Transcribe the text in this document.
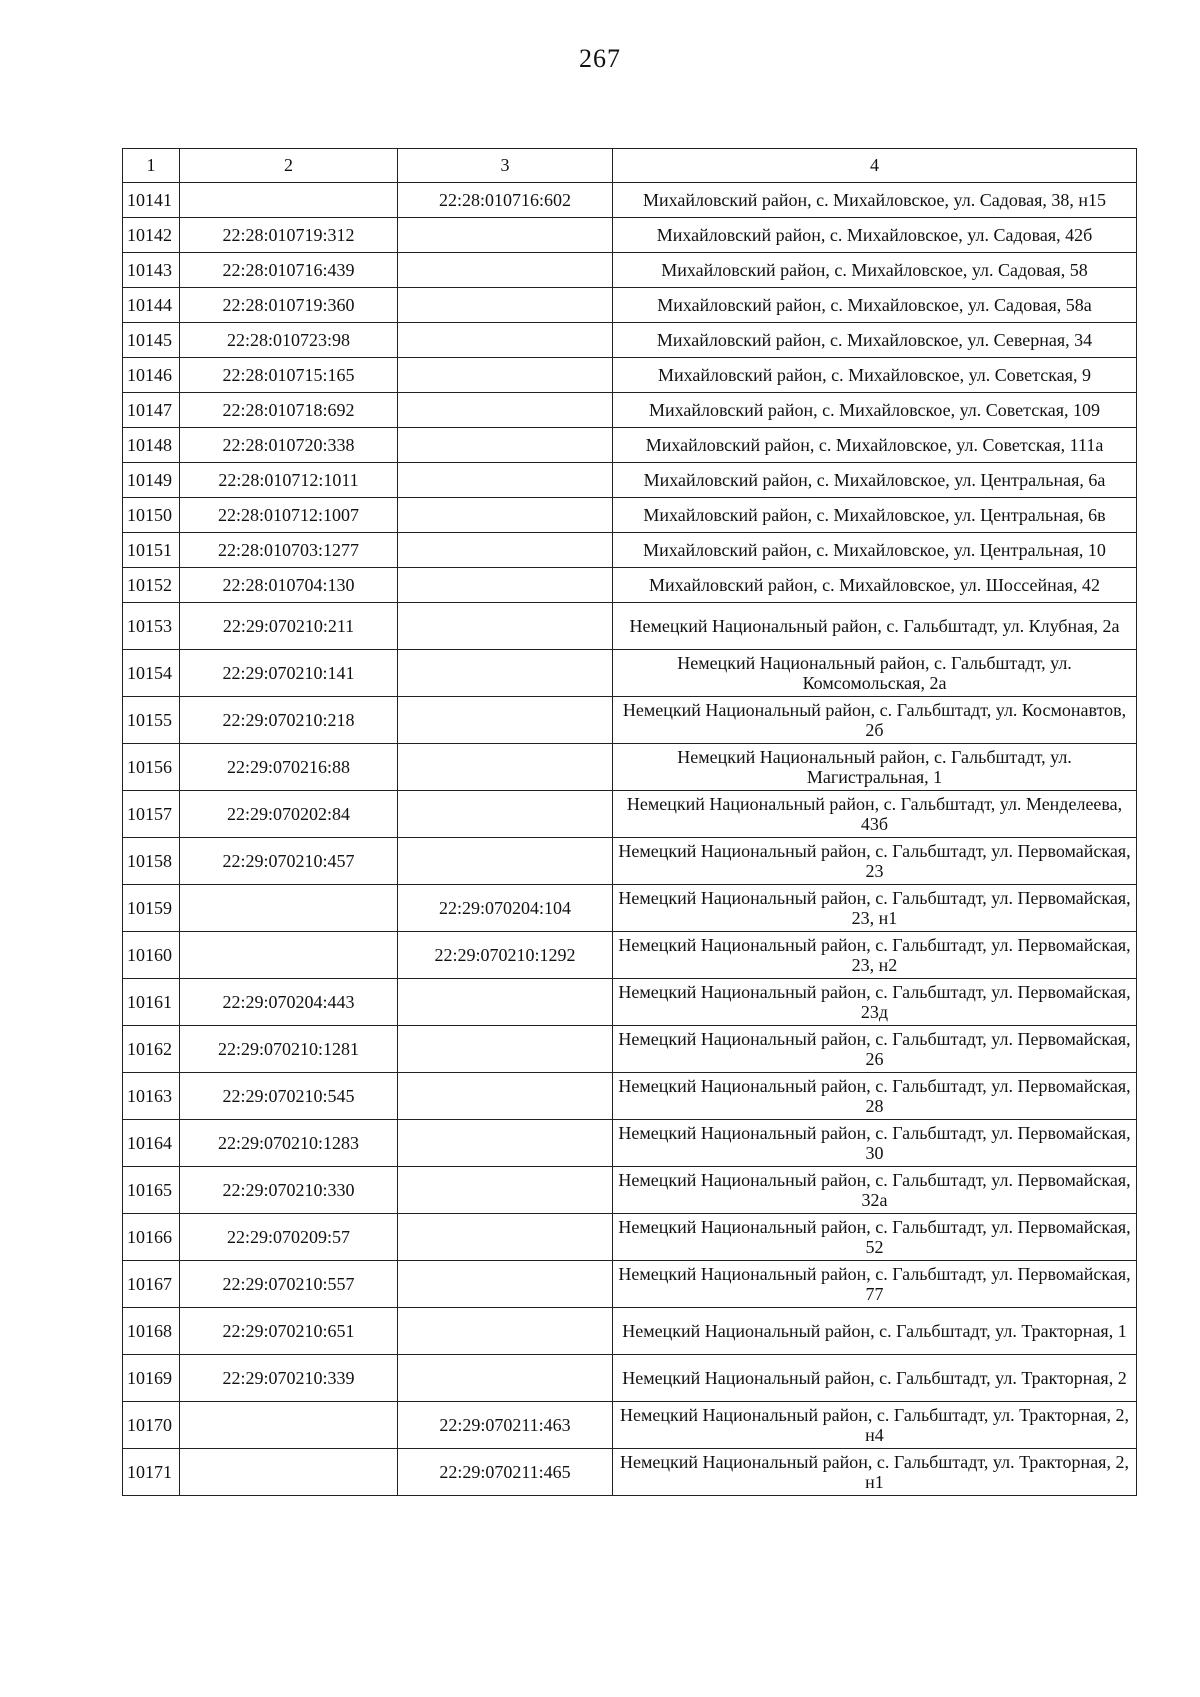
267
1	2	3	4
10141		22:28:010716:602	Михайловский район, с. Михайловское, ул. Садовая, 38, н15
10142	22:28:010719:312		Михайловский район, с. Михайловское, ул. Садовая, 42б
10143	22:28:010716:439		Михайловский район, с. Михайловское, ул. Садовая, 58
10144	22:28:010719:360		Михайловский район, с. Михайловское, ул. Садовая, 58а
10145	22:28:010723:98		Михайловский район, с. Михайловское, ул. Северная, 34
10146	22:28:010715:165		Михайловский район, с. Михайловское, ул. Советская, 9
10147	22:28:010718:692		Михайловский район, с. Михайловское, ул. Советская, 109
10148	22:28:010720:338		Михайловский район, с. Михайловское, ул. Советская, 111а
10149	22:28:010712:1011		Михайловский район, с. Михайловское, ул. Центральная, 6а
10150	22:28:010712:1007		Михайловский район, с. Михайловское, ул. Центральная, 6в
10151	22:28:010703:1277		Михайловский район, с. Михайловское, ул. Центральная, 10
10152	22:28:010704:130		Михайловский район, с. Михайловское, ул. Шоссейная, 42
10153	22:29:070210:211		Немецкий Национальный район, с. Гальбштадт, ул. Клубная, 2а
10154	22:29:070210:141		Немецкий Национальный район, с. Гальбштадт, ул. Комсомольская, 2а
10155	22:29:070210:218		Немецкий Национальный район, с. Гальбштадт, ул. Космонавтов, 2б
10156	22:29:070216:88		Немецкий Национальный район, с. Гальбштадт, ул. Магистральная, 1
10157	22:29:070202:84		Немецкий Национальный район, с. Гальбштадт, ул. Менделеева, 43б
10158	22:29:070210:457		Немецкий Национальный район, с. Гальбштадт, ул. Первомайская, 23
10159		22:29:070204:104	Немецкий Национальный район, с. Гальбштадт, ул. Первомайская, 23, н1
10160		22:29:070210:1292	Немецкий Национальный район, с. Гальбштадт, ул. Первомайская, 23, н2
10161	22:29:070204:443		Немецкий Национальный район, с. Гальбштадт, ул. Первомайская, 23д
10162	22:29:070210:1281		Немецкий Национальный район, с. Гальбштадт, ул. Первомайская, 26
10163	22:29:070210:545		Немецкий Национальный район, с. Гальбштадт, ул. Первомайская, 28
10164	22:29:070210:1283		Немецкий Национальный район, с. Гальбштадт, ул. Первомайская, 30
10165	22:29:070210:330		Немецкий Национальный район, с. Гальбштадт, ул. Первомайская, 32а
10166	22:29:070209:57		Немецкий Национальный район, с. Гальбштадт, ул. Первомайская, 52
10167	22:29:070210:557		Немецкий Национальный район, с. Гальбштадт, ул. Первомайская, 77
10168	22:29:070210:651		Немецкий Национальный район, с. Гальбштадт, ул. Тракторная, 1
10169	22:29:070210:339		Немецкий Национальный район, с. Гальбштадт, ул. Тракторная, 2
10170		22:29:070211:463	Немецкий Национальный район, с. Гальбштадт, ул. Тракторная, 2, н4
10171		22:29:070211:465	Немецкий Национальный район, с. Гальбштадт, ул. Тракторная, 2, н1
